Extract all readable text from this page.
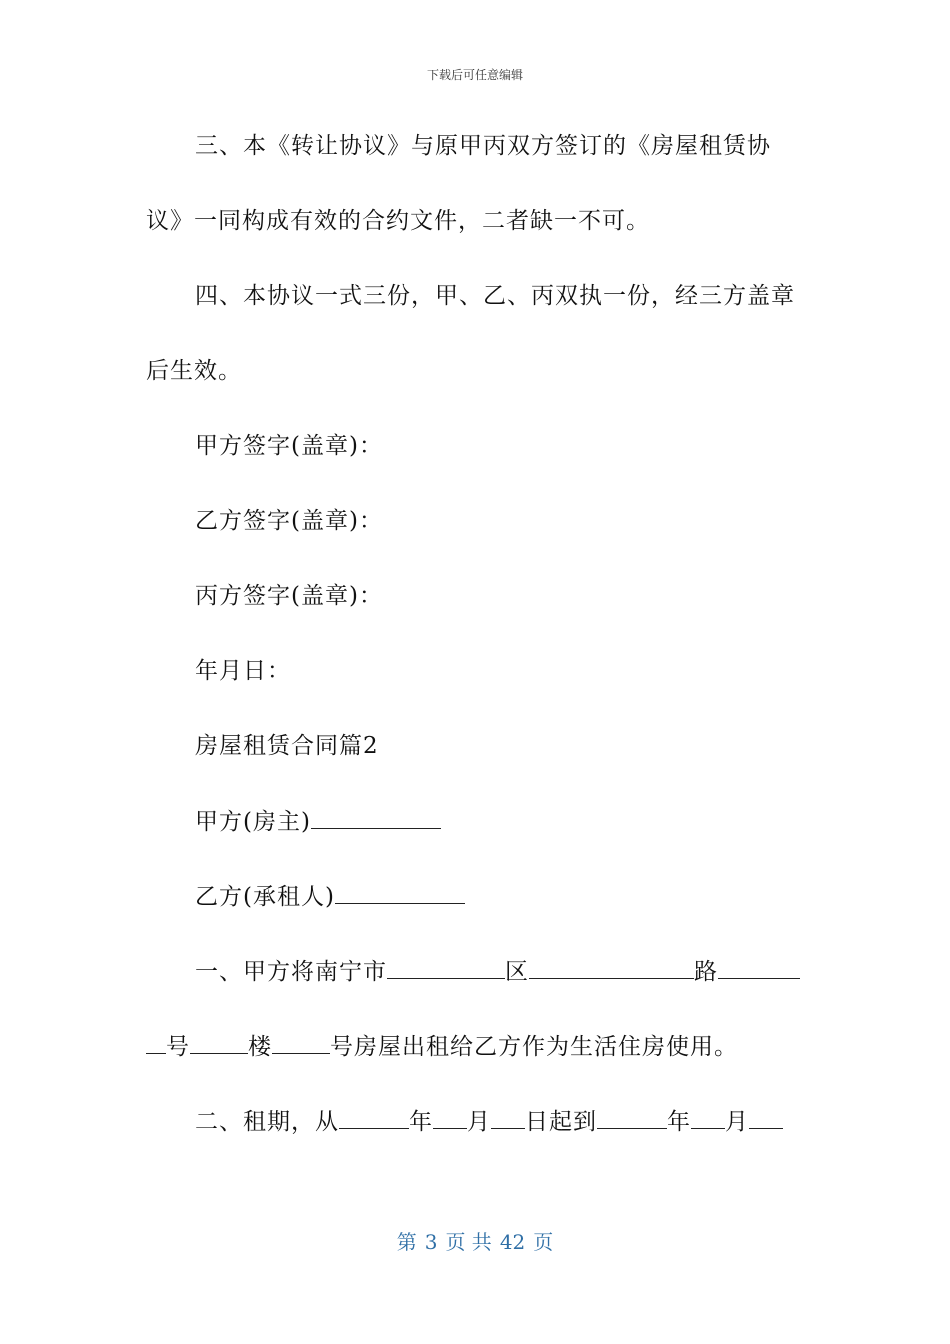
下载后可任意编辑
三、本《转让协议》与原甲丙双方签订的《房屋租赁协
议》一同构成有效的合约文件，二者缺一不可。
四、本协议一式三份，甲、乙、丙双执一份，经三方盖章
后生效。
甲方签字(盖章)：
乙方签字(盖章)：
丙方签字(盖章)：
年月日：
房屋租赁合同篇2
甲方(房主)
乙方(承租人)
一、甲方将南宁市	区	路
号	楼	号房屋出租给乙方作为生活住房使用。
二、租期，从	年 月 日起到	年 月
第 3 页 共 42 页
